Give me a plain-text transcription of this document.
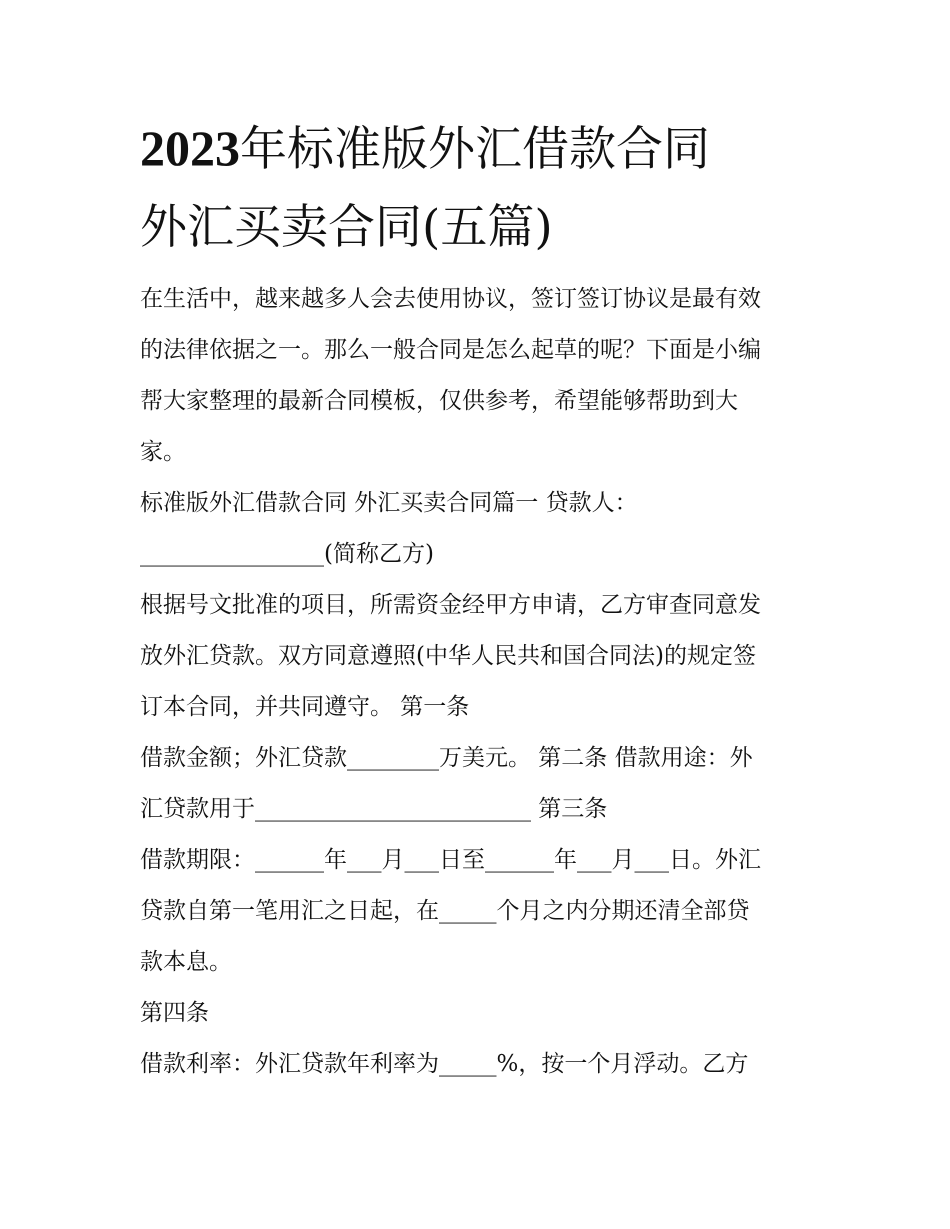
2023年标准版外汇借款合同
外汇买卖合同(五篇)
在生活中，越来越多人会去使用协议，签订签订协议是最有效
的法律依据之一。那么一般合同是怎么起草的呢？下面是小编
帮大家整理的最新合同模板，仅供参考，希望能够帮助到大
家。
标准版外汇借款合同 外汇买卖合同篇一 贷款人：
________________(简称乙方)
根据号文批准的项目，所需资金经甲方申请，乙方审查同意发
放外汇贷款。双方同意遵照(中华人民共和国合同法)的规定签
订本合同，并共同遵守。 第一条
借款金额；外汇贷款________万美元。 第二条 借款用途：外
汇贷款用于________________________ 第三条
借款期限：______年___月___日至______年___月___日。外汇
贷款自第一笔用汇之日起，在_____个月之内分期还清全部贷
款本息。
第四条
借款利率：外汇贷款年利率为_____%，按一个月浮动。乙方
